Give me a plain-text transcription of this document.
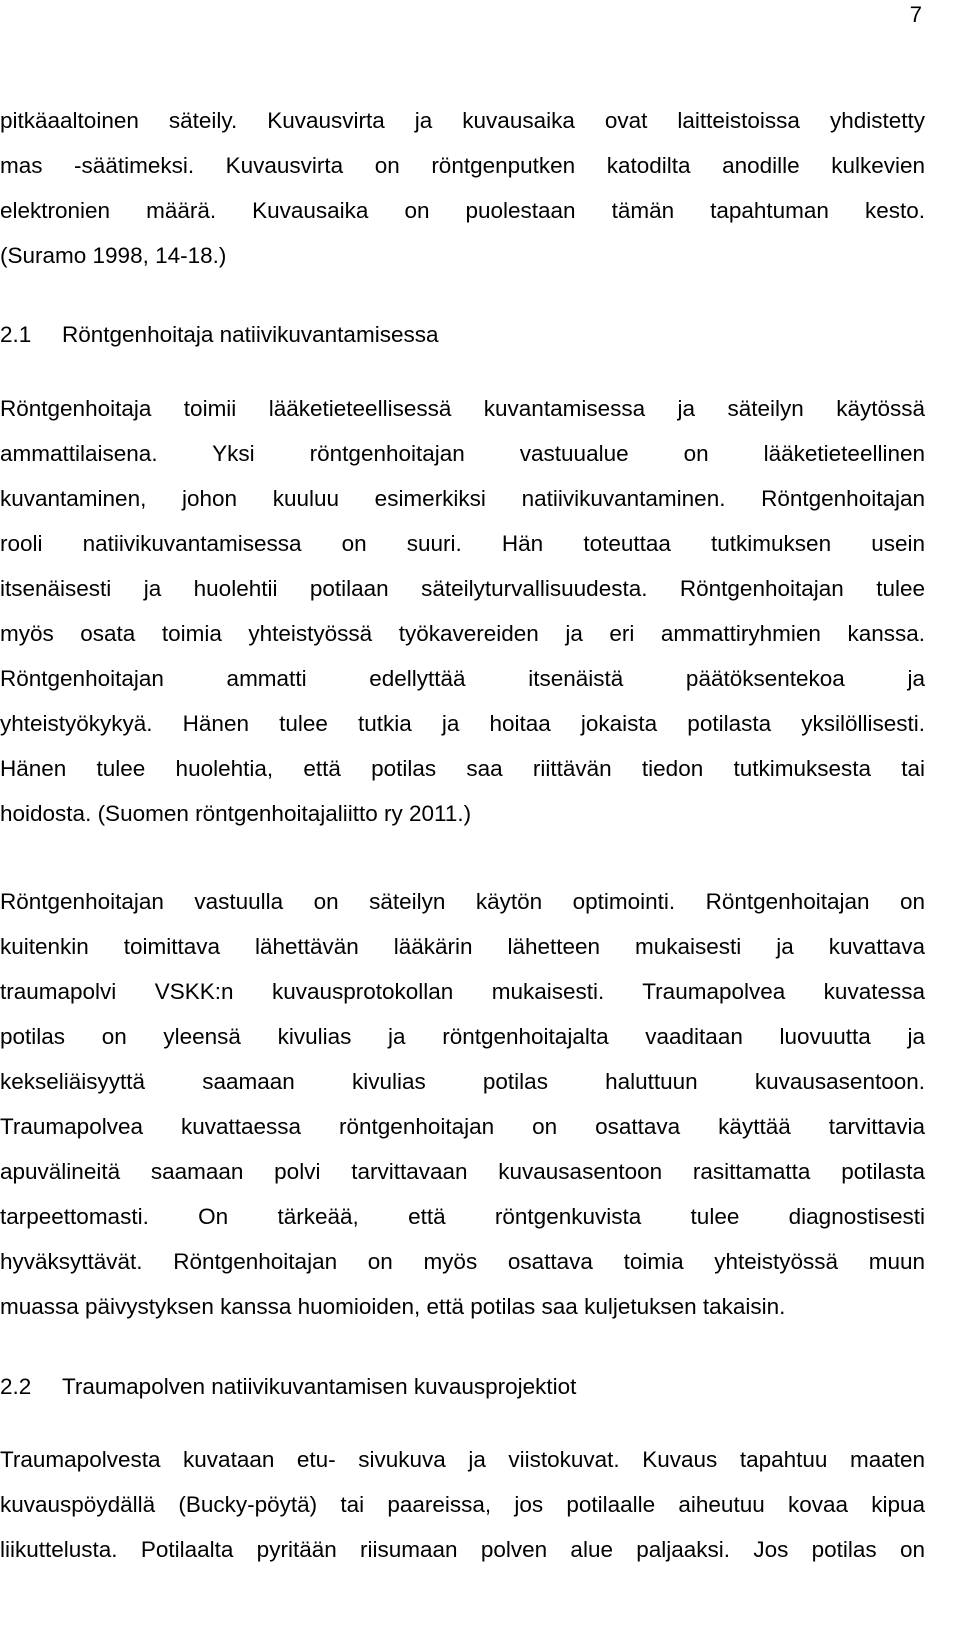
7
pitkäaaltoinen säteily. Kuvausvirta ja kuvausaika ovat laitteistoissa yhdistetty
mas -säätimeksi. Kuvausvirta on röntgenputken katodilta anodille kulkevien
elektronien määrä. Kuvausaika on puolestaan tämän tapahtuman kesto.
(Suramo 1998, 14-18.)
2.1 Röntgenhoitaja natiivikuvantamisessa
Röntgenhoitaja toimii lääketieteellisessä kuvantamisessa ja säteilyn käytössä
ammattilaisena. Yksi röntgenhoitajan vastuualue on lääketieteellinen
kuvantaminen, johon kuuluu esimerkiksi natiivikuvantaminen. Röntgenhoitajan
rooli natiivikuvantamisessa on suuri. Hän toteuttaa tutkimuksen usein
itsenäisesti ja huolehtii potilaan säteilyturvallisuudesta. Röntgenhoitajan tulee
myös osata toimia yhteistyössä työkavereiden ja eri ammattiryhmien kanssa.
Röntgenhoitajan ammatti edellyttää itsenäistä päätöksentekoa ja
yhteistyökykyä. Hänen tulee tutkia ja hoitaa jokaista potilasta yksilöllisesti.
Hänen tulee huolehtia, että potilas saa riittävän tiedon tutkimuksesta tai
hoidosta. (Suomen röntgenhoitajaliitto ry 2011.)
Röntgenhoitajan vastuulla on säteilyn käytön optimointi. Röntgenhoitajan on
kuitenkin toimittava lähettävän lääkärin lähetteen mukaisesti ja kuvattava
traumapolvi VSKK:n kuvausprotokollan mukaisesti. Traumapolvea kuvatessa
potilas on yleensä kivulias ja röntgenhoitajalta vaaditaan luovuutta ja
kekseliäisyyttä saamaan kivulias potilas haluttuun kuvausasentoon.
Traumapolvea kuvattaessa röntgenhoitajan on osattava käyttää tarvittavia
apuvälineitä saamaan polvi tarvittavaan kuvausasentoon rasittamatta potilasta
tarpeettomasti. On tärkeää, että röntgenkuvista tulee diagnostisesti
hyväksyttävät. Röntgenhoitajan on myös osattava toimia yhteistyössä muun
muassa päivystyksen kanssa huomioiden, että potilas saa kuljetuksen takaisin.
2.2 Traumapolven natiivikuvantamisen kuvausprojektiot
Traumapolvesta kuvataan etu- sivukuva ja viistokuvat. Kuvaus tapahtuu maaten
kuvauspöydällä (Bucky-pöytä) tai paareissa, jos potilaalle aiheutuu kovaa kipua
liikuttelusta. Potilaalta pyritään riisumaan polven alue paljaaksi. Jos potilas on
